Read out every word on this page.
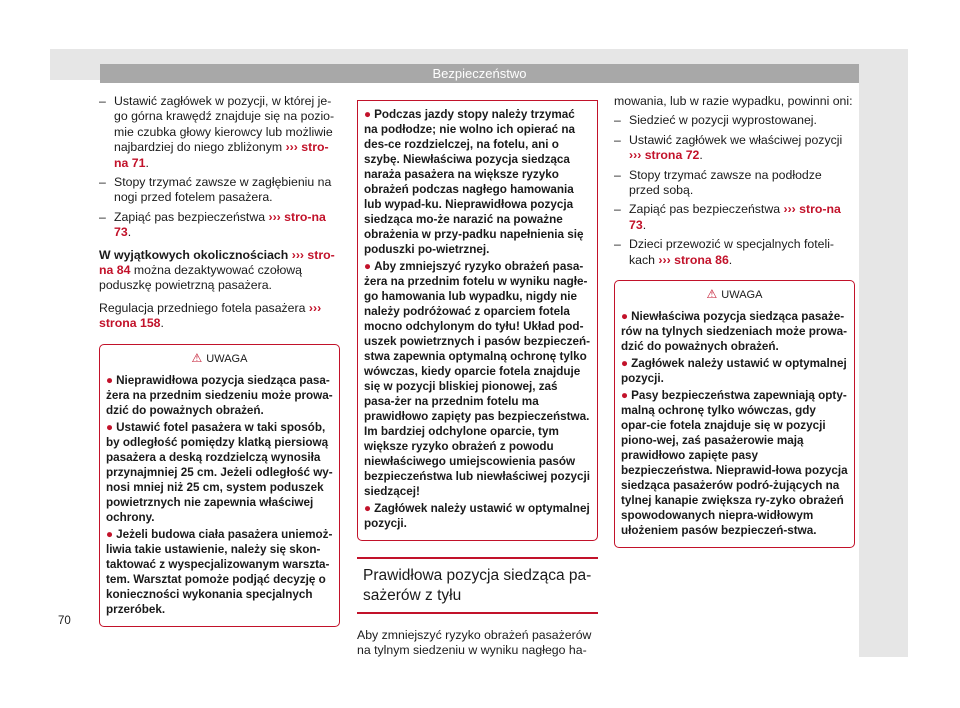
Bezpieczeństwo
– Ustawić zagłówek w pozycji, w której je-go górna krawędź znajduje się na pozio-mie czubka głowy kierowcy lub możliwie najbardziej do niego zbliżonym ››› stro-na 71.
– Stopy trzymać zawsze w zagłębieniu na nogi przed fotelem pasażera.
– Zapiąć pas bezpieczeństwa ››› stro-na 73.

W wyjątkowych okolicznościach ››› stro-na 84 można dezaktywować czołową poduszkę powietrzną pasażera.

Regulacja przedniego fotela pasażera ››› strona 158.

⚠ UWAGA
● Nieprawidłowa pozycja siedząca pasa-żera na przednim siedzeniu może prowa-dzić do poważnych obrażeń.
● Ustawić fotel pasażera w taki sposób, by odległość pomiędzy klatką piersiową pasażera a deską rozdzielczą wynosiła przynajmniej 25 cm. Jeżeli odległość wy-nosi mniej niż 25 cm, system poduszek powietrznych nie zapewnia właściwej ochrony.
● Jeżeli budowa ciała pasażera uniemoż-liwia takie ustawienie, należy się skon-taktować z wyspecjalizowanym warszta-tem. Warsztat pomoże podjąć decyzję o konieczności wykonania specjalnych przeróbek.
● Podczas jazdy stopy należy trzymać na podłodze; nie wolno ich opierać na des-ce rozdzielczej, na fotelu, ani o szybę. Niewłaściwa pozycja siedząca naraża pasażera na większe ryzyko obrażeń podczas nagłego hamowania lub wypad-ku. Nieprawidłowa pozycja siedząca mo-że narazić na poważne obrażenia w przy-padku napełnienia się poduszki po-wietrznej.
● Aby zmniejszyć ryzyko obrażeń pasa-żera na przednim fotelu w wyniku nagłe-go hamowania lub wypadku, nigdy nie należy podróżować z oparciem fotela mocno odchylonym do tyłu! Układ pod-uszek powietrznych i pasów bezpieczeń-stwa zapewnia optymalną ochronę tylko wówczas, kiedy oparcie fotela znajduje się w pozycji bliskiej pionowej, zaś pasa-żer na przednim fotelu ma prawidłowo zapięty pas bezpieczeństwa. Im bardziej odchylone oparcie, tym większe ryzyko obrażeń z powodu niewłaściwego umiejscowienia pasów bezpieczeństwa lub niewłaściwej pozycji siedzącej!
● Zagłówek należy ustawić w optymalnej pozycji.
Prawidłowa pozycja siedząca pa-sażerów z tyłu

Aby zmniejszyć ryzyko obrażeń pasażerów na tylnym siedzeniu w wyniku nagłego ha-

mowania, lub w razie wypadku, powinni oni:

– Siedzieć w pozycji wyprostowanej.
– Ustawić zagłówek we właściwej pozycji ››› strona 72.
– Stopy trzymać zawsze na podłodze przed sobą.
– Zapiąć pas bezpieczeństwa ››› stro-na 73.
– Dzieci przewozić w specjalnych foteli-kach ››› strona 86.
⚠ UWAGA
● Niewłaściwa pozycja siedząca pasaże-rów na tylnych siedzeniach może prowa-dzić do poważnych obrażeń.
● Zagłówek należy ustawić w optymalnej pozycji.
● Pasy bezpieczeństwa zapewniają opty-malną ochronę tylko wówczas, gdy opar-cie fotela znajduje się w pozycji piono-wej, zaś pasażerowie mają prawidłowo zapięte pasy bezpieczeństwa. Nieprawid-łowa pozycja siedząca pasażerów podró-żujących na tylnej kanapie zwiększa ry-zyko obrażeń spowodowanych niepra-widłowym ułożeniem pasów bezpieczeń-stwa.
70
